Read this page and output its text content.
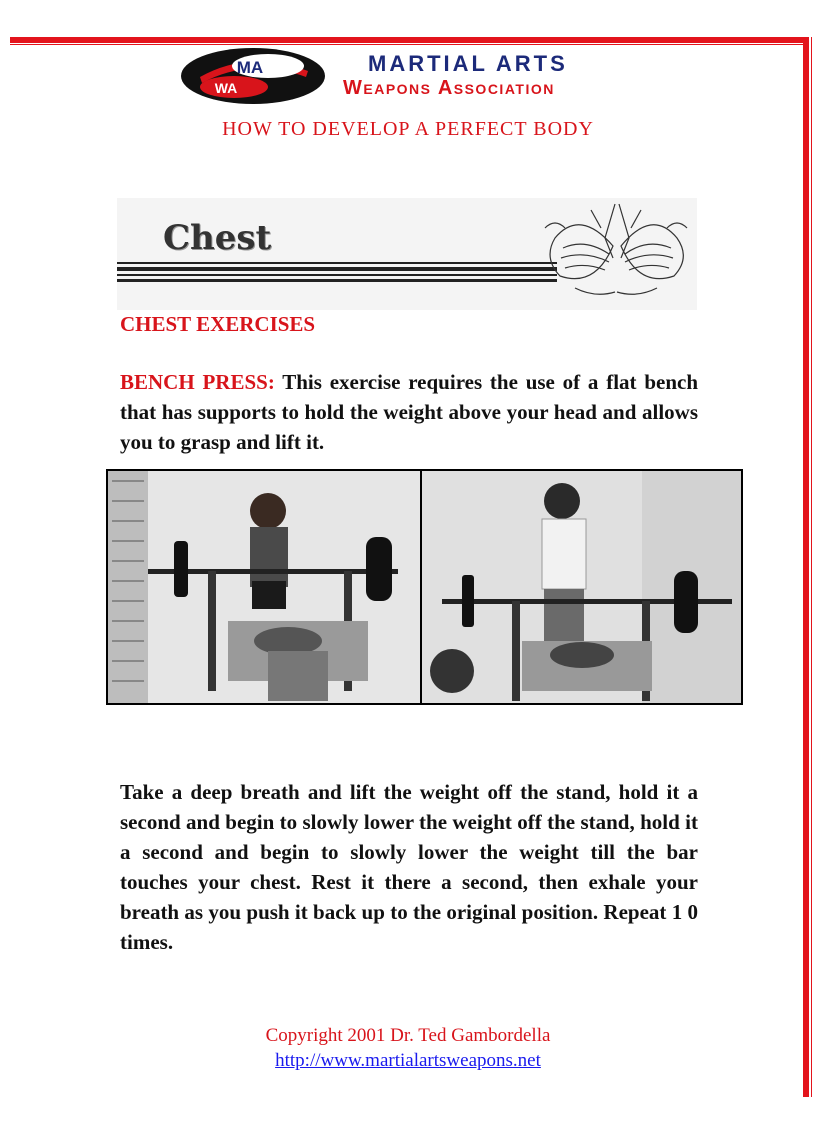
MA
WA
MARTIAL ARTS
Weapons Association
HOW TO DEVELOP A PERFECT BODY
Chest
CHEST EXERCISES
BENCH PRESS: This exercise requires the use of a flat bench that has supports to hold the weight above your head and allows you to grasp and lift it.
Take a deep breath and lift the weight off the stand, hold it a second and begin to slowly lower the weight off the stand, hold it a second and begin to slowly lower the weight till the bar touches your chest. Rest it there a second, then exhale your breath as you push it back up to the original position. Repeat 1 0 times.
Copyright 2001 Dr. Ted Gambordella
http://www.martialartsweapons.net
